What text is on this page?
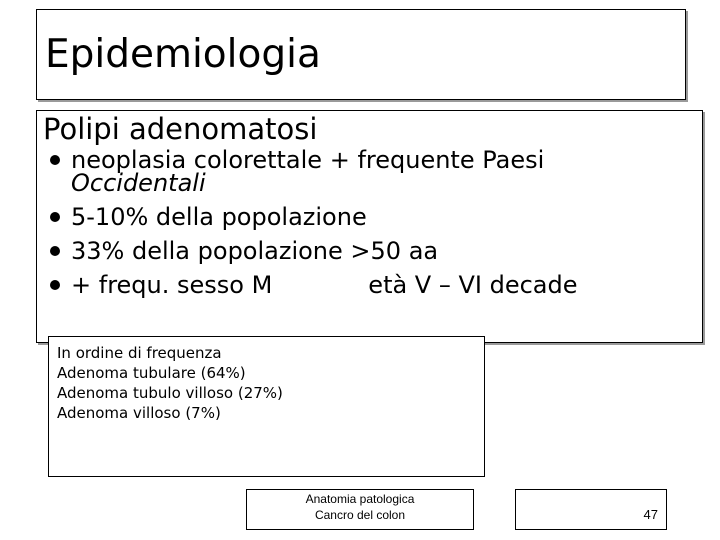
Epidemiologia
Polipi adenomatosi
neoplasia colorettale + frequente Paesi
Occidentali
5-10% della popolazione
33% della popolazione >50 aa
+ frequ. sesso M	età V – VI decade
In ordine di frequenza
Adenoma tubulare (64%)
Adenoma tubulo villoso (27%)
Adenoma villoso (7%)
Anatomia patologica
Cancro del colon	47
